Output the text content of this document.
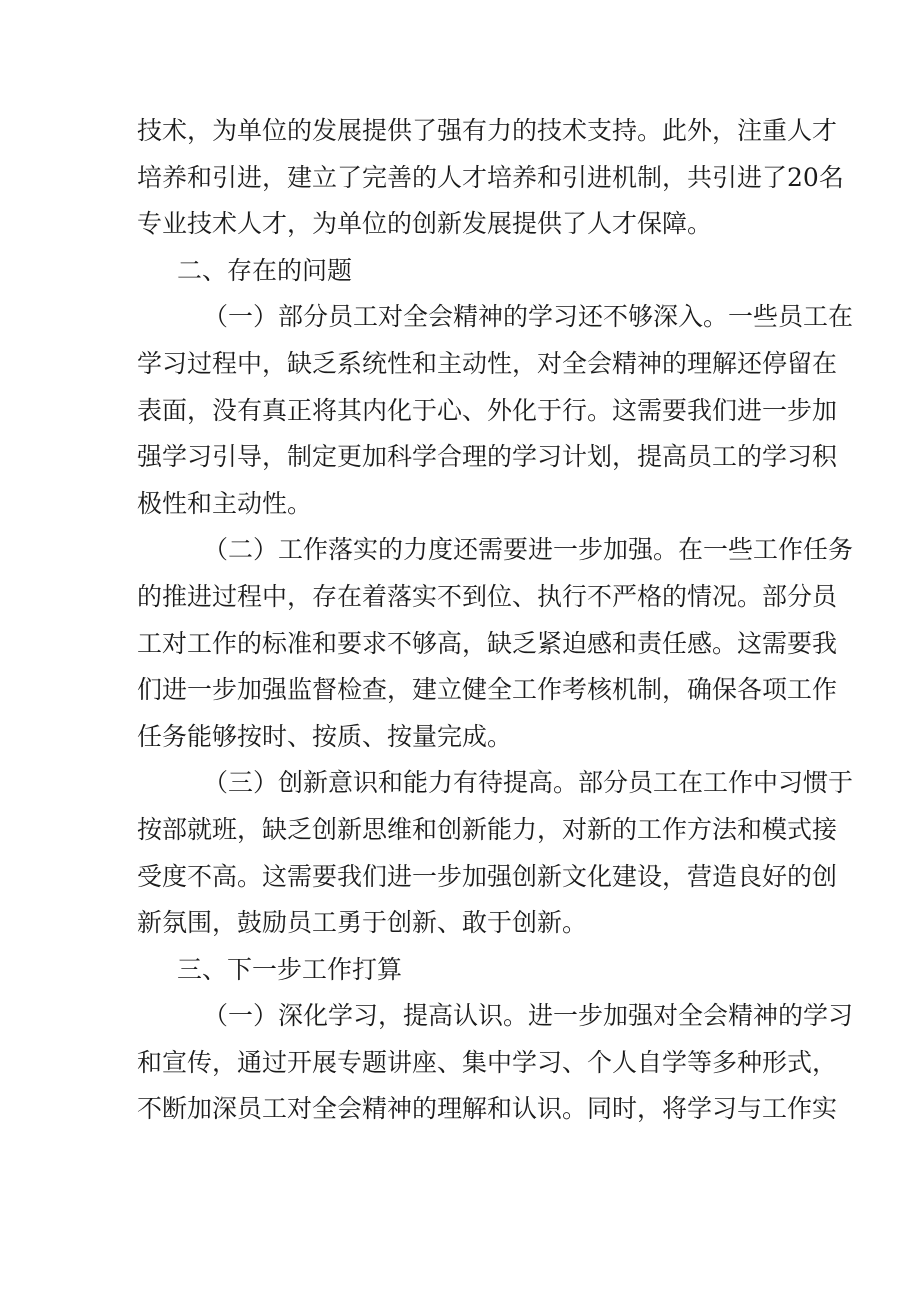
技术，为单位的发展提供了强有力的技术支持。此外，注重人才
培养和引进，建立了完善的人才培养和引进机制，共引进了20名
专业技术人才，为单位的创新发展提供了人才保障。
二、存在的问题
（一）部分员工对全会精神的学习还不够深入。一些员工在
学习过程中，缺乏系统性和主动性，对全会精神的理解还停留在
表面，没有真正将其内化于心、外化于行。这需要我们进一步加
强学习引导，制定更加科学合理的学习计划，提高员工的学习积
极性和主动性。
（二）工作落实的力度还需要进一步加强。在一些工作任务
的推进过程中，存在着落实不到位、执行不严格的情况。部分员
工对工作的标准和要求不够高，缺乏紧迫感和责任感。这需要我
们进一步加强监督检查，建立健全工作考核机制，确保各项工作
任务能够按时、按质、按量完成。
（三）创新意识和能力有待提高。部分员工在工作中习惯于
按部就班，缺乏创新思维和创新能力，对新的工作方法和模式接
受度不高。这需要我们进一步加强创新文化建设，营造良好的创
新氛围，鼓励员工勇于创新、敢于创新。
三、下一步工作打算
（一）深化学习，提高认识。进一步加强对全会精神的学习
和宣传，通过开展专题讲座、集中学习、个人自学等多种形式，
不断加深员工对全会精神的理解和认识。同时，将学习与工作实
